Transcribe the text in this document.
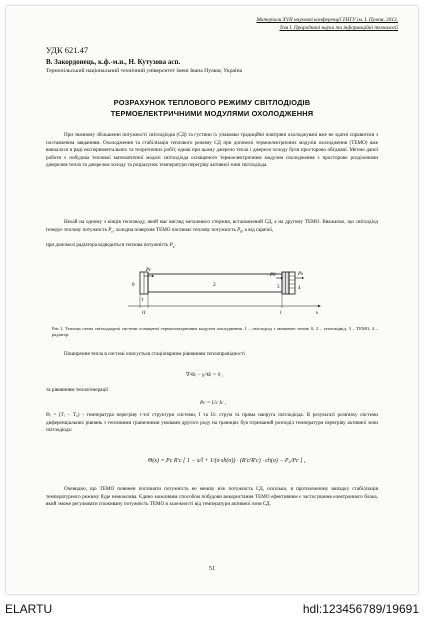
Матеріали XVII наукової конференції ТНТУ ім. І. Пулюя, 2013.
Том I. Природничі науки та інформаційні технології
УДК 621.47
В. Закордонець, к.ф.-м.н., Н. Кутузова асп.
Тернопільський національний технічний університет імені Івана Пулюя, Україна
РОЗРАХУНОК ТЕПЛОВОГО РЕЖИМУ СВІТЛОДІОДІВ
ТЕРМОЕЛЕКТРИЧНИМИ МОДУЛЯМИ ОХОЛОДЖЕННЯ

При значному збільшенні потужності світлодіодів (СД) та густини їх упаковки традиційні повітряні охолоджувачі вже не здатні справитися з поставленим завданням. Охолодження та стабілізація теплового режиму СД при допомозі термоелектричних модулів охолодження (ТЕМО) вже вивчалося в ряді експериментальних та теоретичних робіт, однак при цьому джерело тепла і джерело холоду були просторово обєднані. Метою даної роботи є побудова теплової математичної моделі світлодіода оснащеного термоелектричним модулем охолодження з просторово розділеними джерелом тепла та джерелом холоду та розрахунок температури перегріву активної зони світлодіода.

Нехай на одному з кінців тепловоду, який має вигляд металевого стержня, встановлений СД, а на другому ТЕМО. Вважаємо, що світлодіод генерує теплову потужність $P_c$, холодна поверхня ТЕМО поглинає теплову потужність $P_0$, а від гарячої,

при допомозі радіатора відводиться теплова потужність $P_x$.

Pc
P0	Px
0
1
2	3	4
l1	l	x

Рис.1. Теплова схема світлодіодної системи оснащеної термоелектричним модулем охолодження. 1 – світлодіод з активною зоною 0, 2 – тепловідвід, 3 – ТЕМО, 4 – радіатор.

Поширення тепла в системі описується стаціонарним рівнянням теплопровідності

∇²Θᵢ − γᵢ²Θᵢ = 0 ,
та рівнянням теплогенерації
Pс = Uс Iс ,

Θᵢ = (Tᵢ − T₀) - температура перегріву i-тої структури системи, I та Uс струм та пряма напруга світлодіода. В результаті розв'язку системи диференціальних рівнянь з тепловими граничними умовами другого роду на границях був отриманий розподіл температури перегріву активної зони світлодіода:

Θ(x) = Pc R'c [ 1 − x/l + 1/(σ sh(σ)) · (R'c/R'c) · ch(σ) − P₀/Pc ] ,

Очевидно, що ТЕМО повинен поглинати потужність не меншу ніж потужність СД, оскільки, в протилежному випадку стабілізація температурного режиму буде неможлива. Єдино можливим способом побудови використання ТЕМО ефективним є застосування електронного блока, який зможе регулювати споживану потужність ТЕМО в залежності від температури активної зони СД.

51
ELARTU	hdl:123456789/19691
